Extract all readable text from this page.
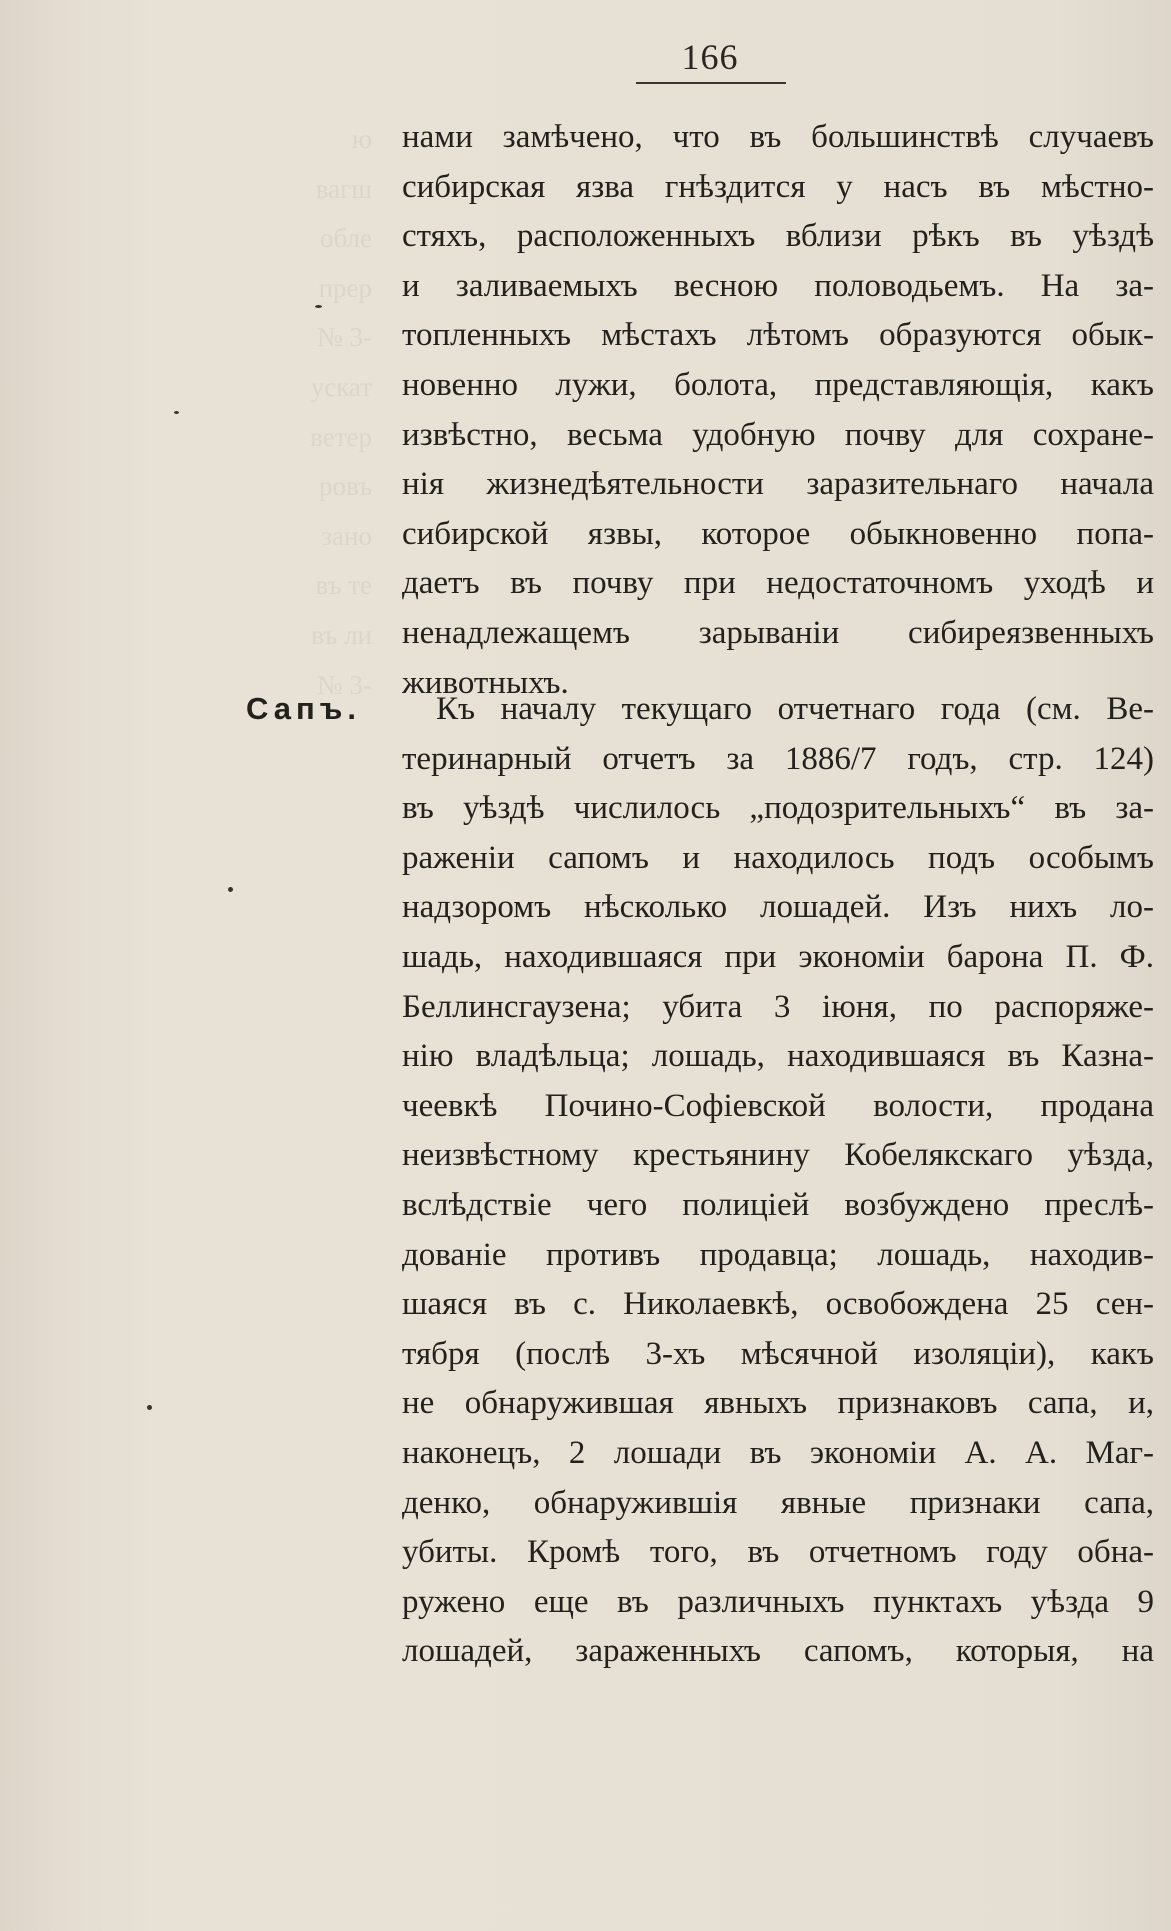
166
ю
вагш
обле
прер
№ 3-
ускат
ветер
ровъ
зано
въ те
въ ли
№ 3-
нами замѣчено, что въ большинствѣ случаевъ
сибирская язва гнѣздится у насъ въ мѣстно-
стяхъ, расположенныхъ вблизи рѣкъ въ уѣздѣ
и заливаемыхъ весною половодьемъ. На за-
топленныхъ мѣстахъ лѣтомъ образуются обык-
новенно лужи, болота, представляющія, какъ
извѣстно, весьма удобную почву для сохране-
нія жизнедѣятельности заразительнаго начала
сибирской язвы, которое обыкновенно попа-
даетъ въ почву при недостаточномъ уходѣ и
ненадлежащемъ зарываніи сибиреязвенныхъ
животныхъ.
Сапъ.	Къ началу текущаго отчетнаго года (см. Ве-
теринарный отчетъ за 1886/7 годъ, стр. 124)
въ уѣздѣ числилось „подозрительныхъ“ въ за-
раженіи сапомъ и находилось подъ особымъ
надзоромъ нѣсколько лошадей. Изъ нихъ ло-
шадь, находившаяся при экономіи барона П. Ф.
Беллинсгаузена; убита 3 іюня, по распоряже-
нію владѣльца; лошадь, находившаяся въ Казна-
чеевкѣ Почино-Софіевской волости, продана
неизвѣстному крестьянину Кобелякскаго уѣзда,
вслѣдствіе чего полиціей возбуждено преслѣ-
дованіе противъ продавца; лошадь, находив-
шаяся въ с. Николаевкѣ, освобождена 25 сен-
тября (послѣ 3-хъ мѣсячной изоляціи), какъ
не обнаружившая явныхъ признаковъ сапа, и,
наконецъ, 2 лошади въ экономіи А. А. Маг-
денко, обнаружившія явные признаки сапа,
убиты. Кромѣ того, въ отчетномъ году обна-
ружено еще въ различныхъ пунктахъ уѣзда 9
лошадей, зараженныхъ сапомъ, которыя, на
